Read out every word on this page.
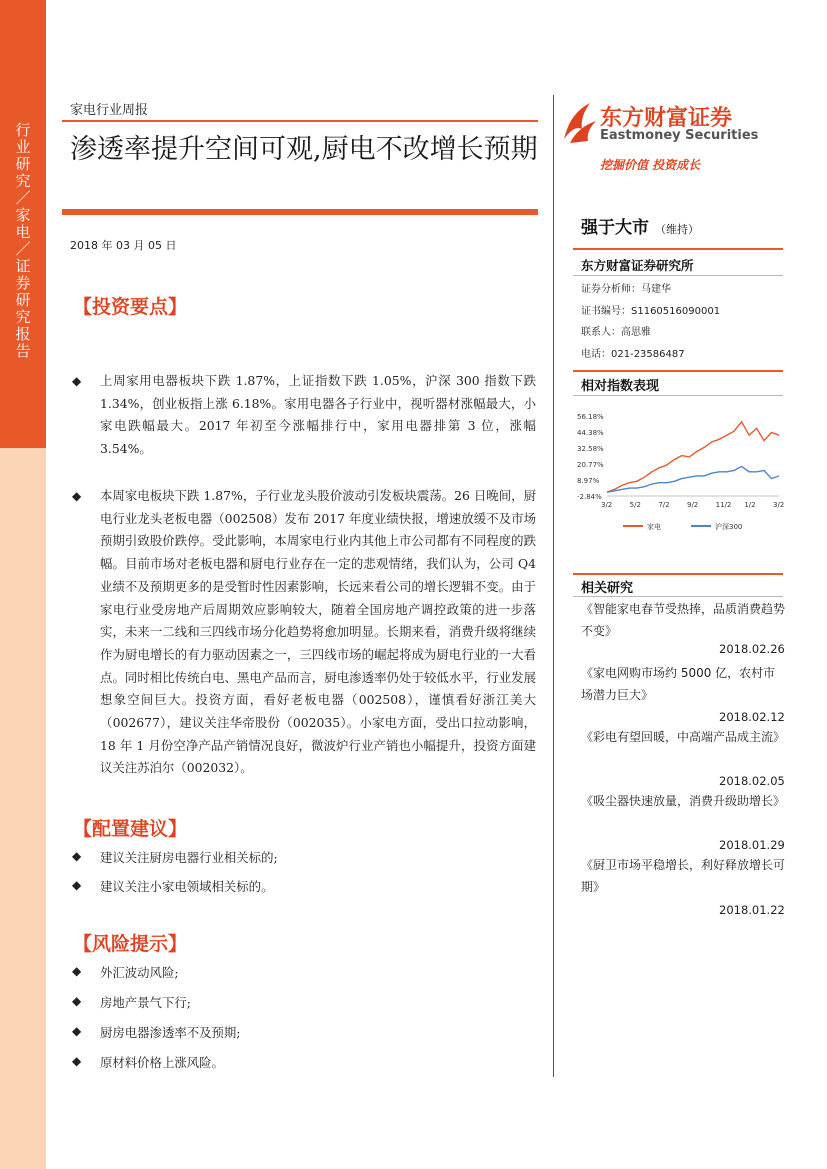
行业研究／家电／证券研究报告
家电行业周报
渗透率提升空间可观,厨电不改增长预期
2018 年 03 月 05 日
【投资要点】
◆ 上周家用电器板块下跌 1.87%，上证指数下跌 1.05%，沪深 300 指数下跌 1.34%，创业板指上涨 6.18%。家用电器各子行业中，视听器材涨幅最大，小家电跌幅最大。2017 年初至今涨幅排行中，家用电器排第 3 位，涨幅 3.54%。
◆ 本周家电板块下跌 1.87%，子行业龙头股价波动引发板块震荡。26 日晚间，厨电行业龙头老板电器（002508）发布 2017 年度业绩快报，增速放缓不及市场预期引致股价跌停。受此影响，本周家电行业内其他上市公司都有不同程度的跌幅。目前市场对老板电器和厨电行业存在一定的悲观情绪，我们认为，公司 Q4 业绩不及预期更多的是受暂时性因素影响，长远来看公司的增长逻辑不变。由于家电行业受房地产后周期效应影响较大，随着全国房地产调控政策的进一步落实，未来一二线和三四线市场分化趋势将愈加明显。长期来看，消费升级将继续作为厨电增长的有力驱动因素之一，三四线市场的崛起将成为厨电行业的一大看点。同时相比传统白电、黑电产品而言，厨电渗透率仍处于较低水平，行业发展想象空间巨大。投资方面，看好老板电器（002508），谨慎看好浙江美大（002677），建议关注华帝股份（002035）。小家电方面，受出口拉动影响，18 年 1 月份空净产品产销情况良好，微波炉行业产销也小幅提升，投资方面建议关注苏泊尔（002032）。
【配置建议】
◆ 建议关注厨房电器行业相关标的;
◆ 建议关注小家电领域相关标的。
【风险提示】
◆ 外汇波动风险;
◆ 房地产景气下行;
◆ 厨房电器渗透率不及预期;
◆ 原材料价格上涨风险。
东方财富证券
Eastmoney Securities
挖掘价值 投资成长
强于大市 （维持）
东方财富证券研究所
证券分析师：马建华
证书编号：S1160516090001
联系人：高思雅
电话：021-23586487
相对指数表现
56.18%
44.38%
32.58%
20.77%
8.97%
-2.84%
3/2 5/2 7/2 9/2 11/2 1/2 3/2
家电	沪深300
相关研究
《智能家电春节受热捧，品质消费趋势不变》
2018.02.26
《家电网购市场约 5000 亿，农村市场潜力巨大》
2018.02.12
《彩电有望回暖，中高端产品成主流》
2018.02.05
《吸尘器快速放量，消费升级助增长》
2018.01.29
《厨卫市场平稳增长，利好释放增长可期》
2018.01.22
